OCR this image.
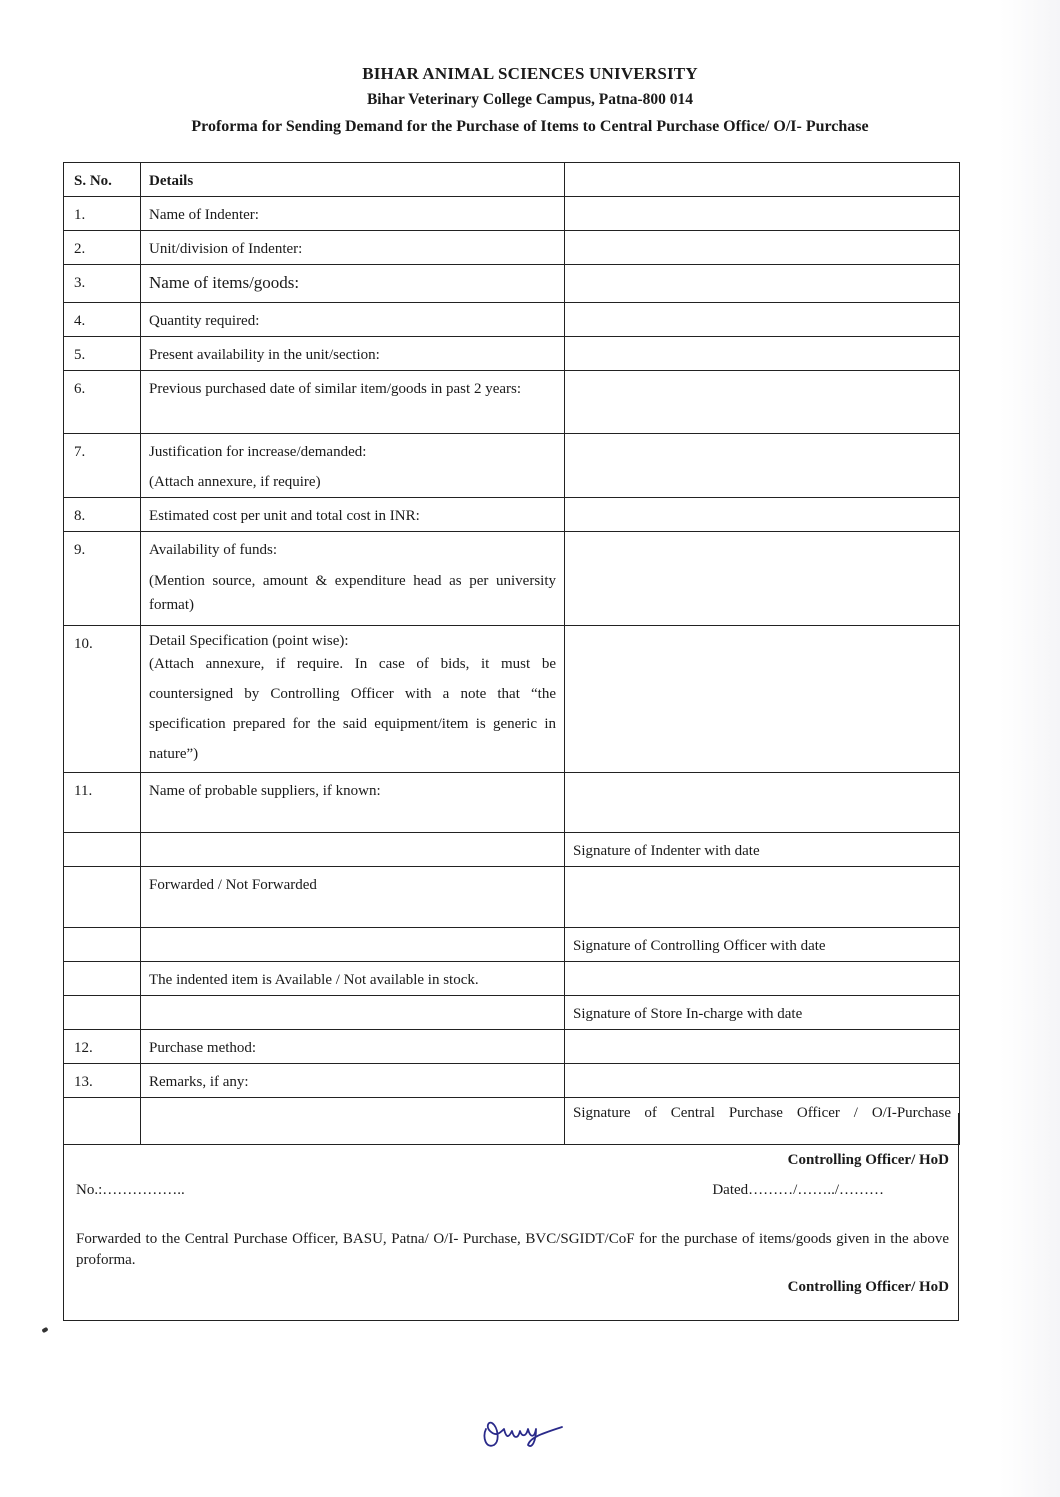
BIHAR ANIMAL SCIENCES UNIVERSITY
Bihar Veterinary College Campus, Patna-800 014
Proforma for Sending Demand for the Purchase of Items to Central Purchase Office/ O/I- Purchase
S. No.	Details	
1.	Name of Indenter:	
2.	Unit/division of Indenter:	
3.	Name of items/goods:	
4.	Quantity required:	
5.	Present availability in the unit/section:	
6.	Previous purchased date of similar item/goods in past 2 years:	
7.	Justification for increase/demanded:
(Attach annexure, if require)	

8.	Estimated cost per unit and total cost in INR:	
9.	Availability of funds:
(Mention source, amount & expenditure head as per university format)	

10.	Detail Specification (point wise):
(Attach annexure, if require. In case of bids, it must be countersigned by Controlling Officer with a note that “the specification prepared for the said equipment/item is generic in nature”)	

11.	Name of probable suppliers, if known:	
		Signature of Indenter with date
	Forwarded / Not Forwarded	
		Signature of Controlling Officer with date
	The indented item is Available / Not available in stock.	
		Signature of Store In-charge with date
12.	Purchase method:	
13.	Remarks, if any:	
		Signature of Central Purchase Officer / O/I-Purchase
Controlling Officer/ HoD
No.:……………..	Dated………/……../………
Forwarded to the Central Purchase Officer, BASU, Patna/ O/I- Purchase, BVC/SGIDT/CoF for the purchase of items/goods given in the above proforma.
Controlling Officer/ HoD
